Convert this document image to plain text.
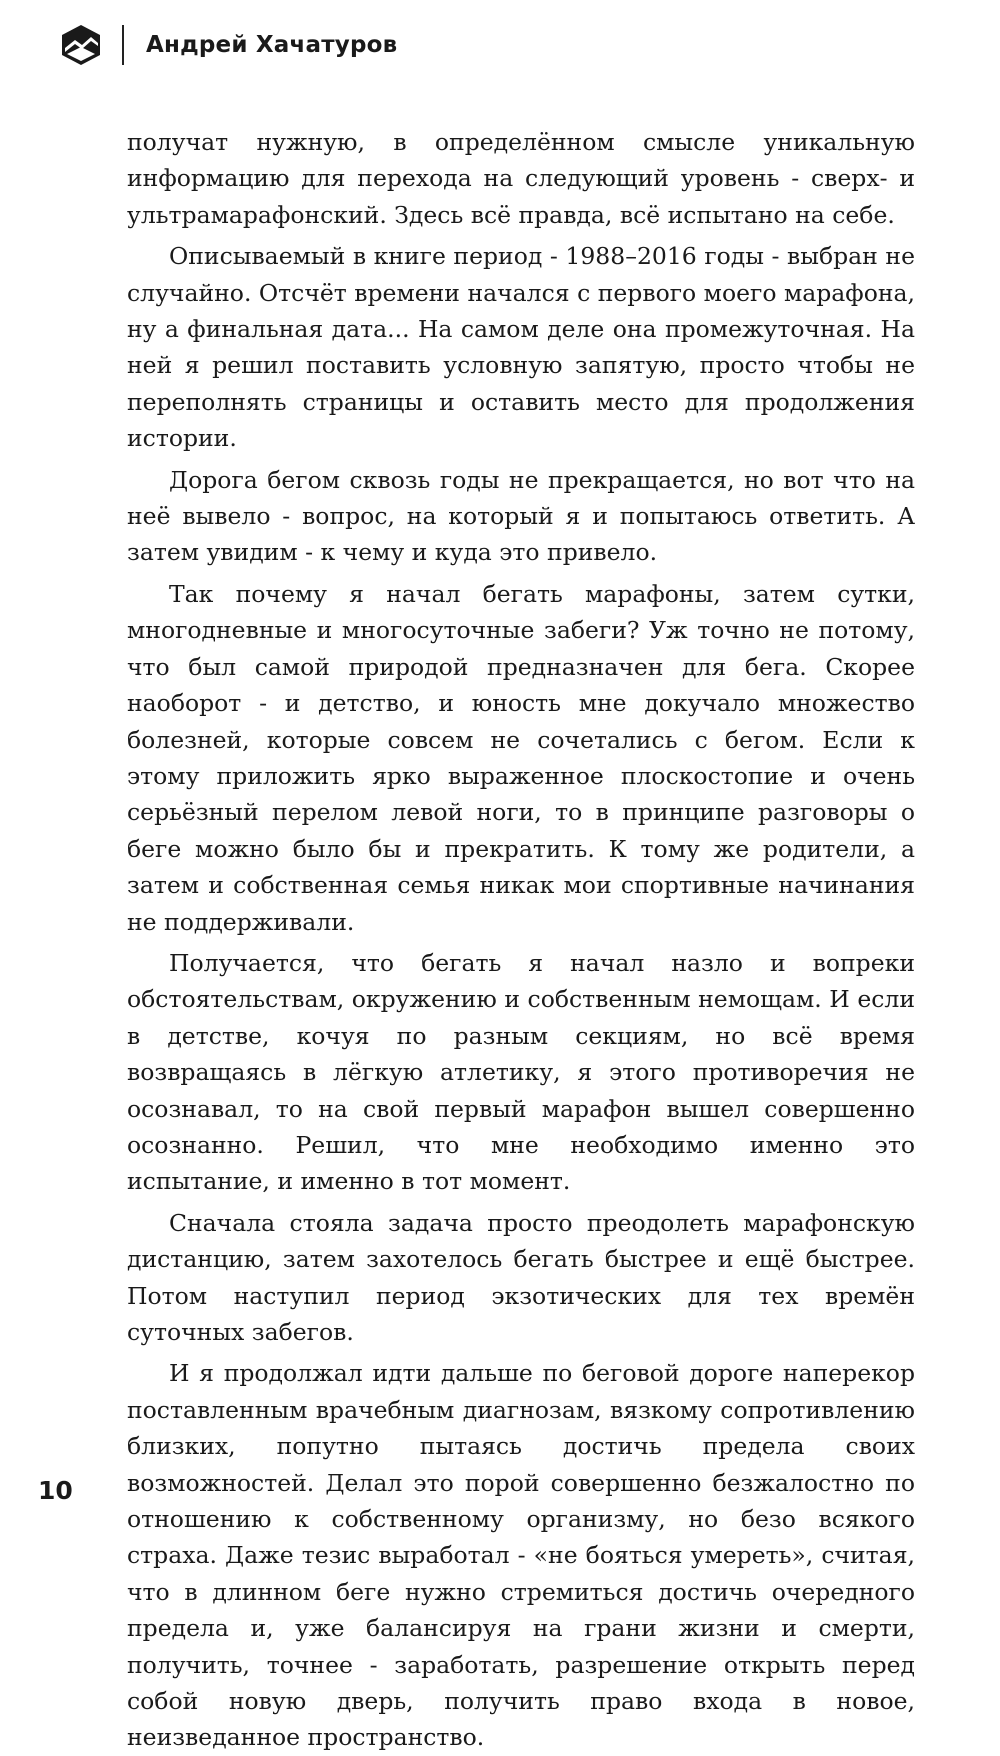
Андрей Хачатуров

получат нужную, в определённом смысле уникальную информацию для перехода на следующий уровень - сверх- и ультрамарафонский. Здесь всё правда, всё испытано на себе.

Описываемый в книге период - 1988–2016 годы - выбран не случайно. Отсчёт времени начался с первого моего марафона, ну а финальная дата... На самом деле она промежуточная. На ней я решил поставить условную запятую, просто чтобы не переполнять страницы и оставить место для продолжения истории.

Дорога бегом сквозь годы не прекращается, но вот что на неё вывело - вопрос, на который я и попытаюсь ответить. А затем увидим - к чему и куда это привело.

Так почему я начал бегать марафоны, затем сутки, многодневные и многосуточные забеги? Уж точно не потому, что был самой природой предназначен для бега. Скорее наоборот - и детство, и юность мне докучало множество болезней, которые совсем не сочетались с бегом. Если к этому приложить ярко выраженное плоскостопие и очень серьёзный перелом левой ноги, то в принципе разговоры о беге можно было бы и прекратить. К тому же родители, а затем и собственная семья никак мои спортивные начинания не поддерживали.

Получается, что бегать я начал назло и вопреки обстоятельствам, окружению и собственным немощам. И если в детстве, кочуя по разным секциям, но всё время возвращаясь в лёгкую атлетику, я этого противоречия не осознавал, то на свой первый марафон вышел совершенно осознанно. Решил, что мне необходимо именно это испытание, и именно в тот момент.

Сначала стояла задача просто преодолеть марафонскую дистанцию, затем захотелось бегать быстрее и ещё быстрее. Потом наступил период экзотических для тех времён суточных забегов.

И я продолжал идти дальше по беговой дороге наперекор поставленным врачебным диагнозам, вязкому сопротивлению близких, попутно пытаясь достичь предела своих возможностей. Делал это порой совершенно безжалостно по отношению к собственному организму, но безо всякого страха. Даже тезис выработал - «не бояться умереть», считая, что в длинном беге нужно стремиться достичь очередного предела и, уже балансируя на грани жизни и смерти, получить, точнее - заработать, разрешение открыть перед собой новую дверь, получить право входа в новое, неизведанное пространство.

10
